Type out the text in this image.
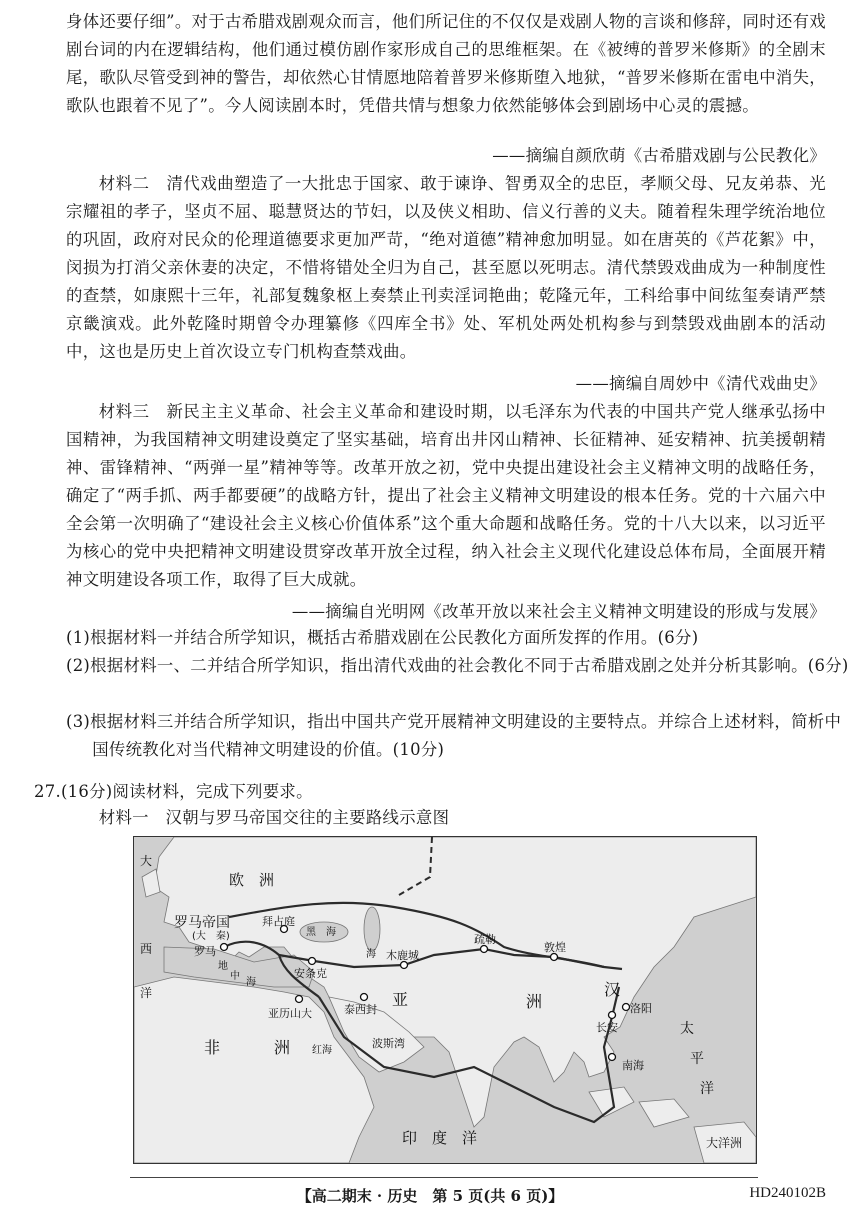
身体还要仔细”。对于古希腊戏剧观众而言，他们所记住的不仅仅是戏剧人物的言谈和修辞，同时还有戏剧台词的内在逻辑结构，他们通过模仿剧作家形成自己的思维框架。在《被缚的普罗米修斯》的全剧末尾，歌队尽管受到神的警告，却依然心甘情愿地陪着普罗米修斯堕入地狱，“普罗米修斯在雷电中消失，歌队也跟着不见了”。今人阅读剧本时，凭借共情与想象力依然能够体会到剧场中心灵的震撼。
——摘编自颜欣萌《古希腊戏剧与公民教化》
材料二　清代戏曲塑造了一大批忠于国家、敢于谏诤、智勇双全的忠臣，孝顺父母、兄友弟恭、光宗耀祖的孝子，坚贞不屈、聪慧贤达的节妇，以及侠义相助、信义行善的义夫。随着程朱理学统治地位的巩固，政府对民众的伦理道德要求更加严苛，“绝对道德”精神愈加明显。如在唐英的《芦花絮》中，闵损为打消父亲休妻的决定，不惜将错处全归为自己，甚至愿以死明志。清代禁毁戏曲成为一种制度性的查禁，如康熙十三年，礼部复魏象枢上奏禁止刊卖淫词艳曲；乾隆元年，工科给事中间纮玺奏请严禁京畿演戏。此外乾隆时期曾令办理纂修《四库全书》处、军机处两处机构参与到禁毁戏曲剧本的活动中，这也是历史上首次设立专门机构查禁戏曲。
——摘编自周妙中《清代戏曲史》
材料三　新民主主义革命、社会主义革命和建设时期，以毛泽东为代表的中国共产党人继承弘扬中国精神，为我国精神文明建设奠定了坚实基础，培育出井冈山精神、长征精神、延安精神、抗美援朝精神、雷锋精神、“两弹一星”精神等等。改革开放之初，党中央提出建设社会主义精神文明的战略任务，确定了“两手抓、两手都要硬”的战略方针，提出了社会主义精神文明建设的根本任务。党的十六届六中全会第一次明确了“建设社会主义核心价值体系”这个重大命题和战略任务。党的十八大以来，以习近平为核心的党中央把精神文明建设贯穿改革开放全过程，纳入社会主义现代化建设总体布局，全面展开精神文明建设各项工作，取得了巨大成就。
——摘编自光明网《改革开放以来社会主义精神文明建设的形成与发展》
(1)根据材料一并结合所学知识，概括古希腊戏剧在公民教化方面所发挥的作用。(6分)
(2)根据材料一、二并结合所学知识，指出清代戏曲的社会教化不同于古希腊戏剧之处并分析其影响。(6分)
(3)根据材料三并结合所学知识，指出中国共产党开展精神文明建设的主要特点。并综合上述材料，简析中国传统教化对当代精神文明建设的价值。(10分)
27.(16分)阅读材料，完成下列要求。
材料一　汉朝与罗马帝国交往的主要路线示意图
欧　洲
罗马帝国
(大　秦)
罗马
拜占庭
黑　海
安条克
木鹿城
疏勒
敦煌
汉
长安
洛阳
泰西封
亚	洲
亚历山大
波斯湾
红海
非	洲
南海
太
平
洋
印　度　洋	大洋洲
大
西
洋
地
中
海
海
【高二期末 · 历史　第 5 页(共 6 页)】	HD240102B
